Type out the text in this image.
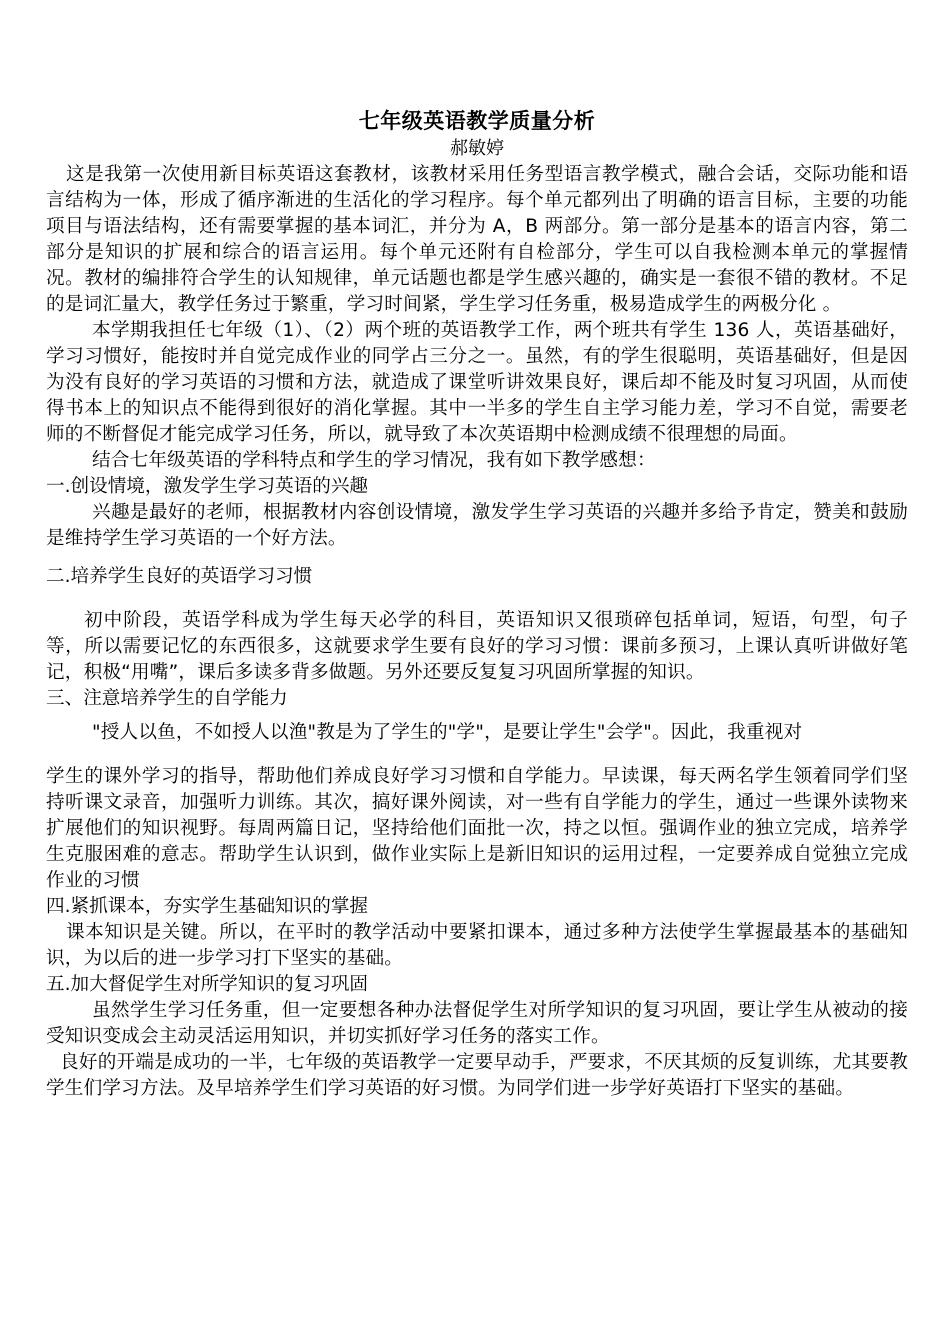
七年级英语教学质量分析
郝敏婷

这是我第一次使用新目标英语这套教材，该教材采用任务型语言教学模式，融合会话，交际功能和语言结构为一体，形成了循序渐进的生活化的学习程序。每个单元都列出了明确的语言目标，主要的功能项目与语法结构，还有需要掌握的基本词汇，并分为 A，B 两部分。第一部分是基本的语言内容，第二部分是知识的扩展和综合的语言运用。每个单元还附有自检部分，学生可以自我检测本单元的掌握情况。教材的编排符合学生的认知规律，单元话题也都是学生感兴趣的，确实是一套很不错的教材。不足的是词汇量大，教学任务过于繁重，学习时间紧，学生学习任务重，极易造成学生的两极分化 。

本学期我担任七年级（1）、（2）两个班的英语教学工作，两个班共有学生 136 人，英语基础好，学习习惯好，能按时并自觉完成作业的同学占三分之一。虽然，有的学生很聪明，英语基础好，但是因为没有良好的学习英语的习惯和方法，就造成了课堂听讲效果良好，课后却不能及时复习巩固，从而使得书本上的知识点不能得到很好的消化掌握。其中一半多的学生自主学习能力差，学习不自觉，需要老师的不断督促才能完成学习任务，所以，就导致了本次英语期中检测成绩不很理想的局面。

结合七年级英语的学科特点和学生的学习情况，我有如下教学感想：

一.创设情境，激发学生学习英语的兴趣

兴趣是最好的老师，根据教材内容创设情境，激发学生学习英语的兴趣并多给予肯定，赞美和鼓励是维持学生学习英语的一个好方法。

二.培养学生良好的英语学习习惯

初中阶段，英语学科成为学生每天必学的科目，英语知识又很琐碎包括单词，短语，句型，句子等，所以需要记忆的东西很多，这就要求学生要有良好的学习习惯：课前多预习，上课认真听讲做好笔记，积极“用嘴”，课后多读多背多做题。另外还要反复复习巩固所掌握的知识。

三、注意培养学生的自学能力

"授人以鱼，不如授人以渔"教是为了学生的"学"，是要让学生"会学"。因此，我重视对

学生的课外学习的指导，帮助他们养成良好学习习惯和自学能力。早读课，每天两名学生领着同学们坚持听课文录音，加强听力训练。其次，搞好课外阅读，对一些有自学能力的学生，通过一些课外读物来扩展他们的知识视野。每周两篇日记，坚持给他们面批一次，持之以恒。强调作业的独立完成，培养学生克服困难的意志。帮助学生认识到，做作业实际上是新旧知识的运用过程，一定要养成自觉独立完成作业的习惯

四.紧抓课本，夯实学生基础知识的掌握

课本知识是关键。所以，在平时的教学活动中要紧扣课本，通过多种方法使学生掌握最基本的基础知识，为以后的进一步学习打下坚实的基础。

五.加大督促学生对所学知识的复习巩固

虽然学生学习任务重，但一定要想各种办法督促学生对所学知识的复习巩固，要让学生从被动的接受知识变成会主动灵活运用知识，并切实抓好学习任务的落实工作。

良好的开端是成功的一半，七年级的英语教学一定要早动手，严要求，不厌其烦的反复训练，尤其要教学生们学习方法。及早培养学生们学习英语的好习惯。为同学们进一步学好英语打下坚实的基础。
